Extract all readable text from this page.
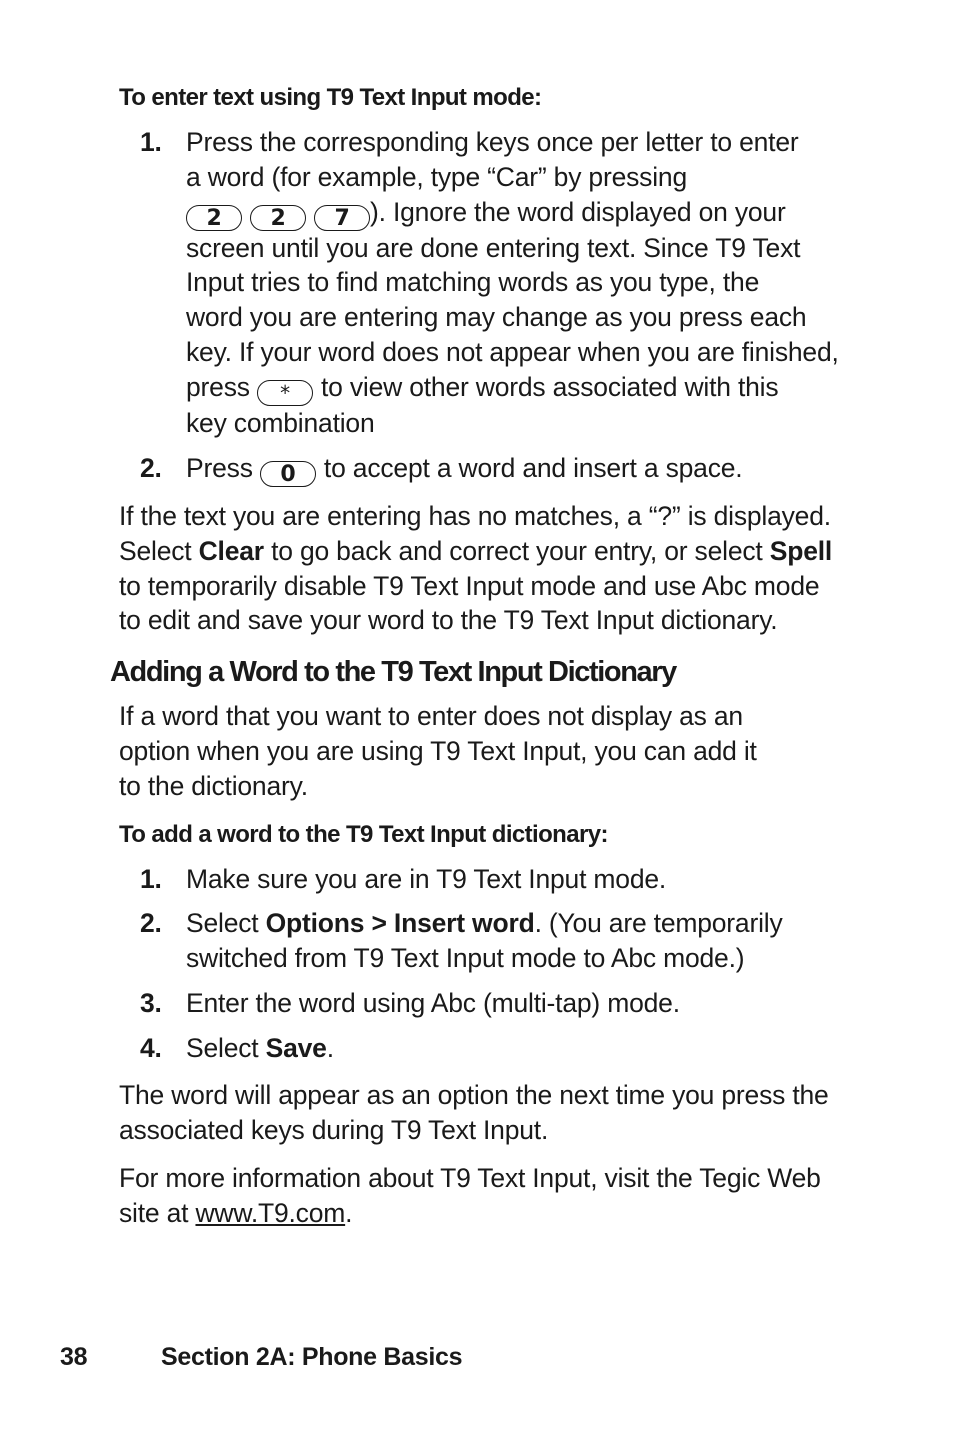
To enter text using T9 Text Input mode:
1. Press the corresponding keys once per letter to enter
a word (for example, type “Car” by pressing
2 2 7 ). Ignore the word displayed on your
screen until you are done entering text. Since T9 Text
Input tries to find matching words as you type, the
word you are entering may change as you press each
key. If your word does not appear when you are finished,
press * to view other words associated with this
key combination
2. Press 0 to accept a word and insert a space.
If the text you are entering has no matches, a “?” is displayed.
Select Clear to go back and correct your entry, or select Spell
to temporarily disable T9 Text Input mode and use Abc mode
to edit and save your word to the T9 Text Input dictionary.
Adding a Word to the T9 Text Input Dictionary
If a word that you want to enter does not display as an
option when you are using T9 Text Input, you can add it
to the dictionary.
To add a word to the T9 Text Input dictionary:
1. Make sure you are in T9 Text Input mode.
2. Select Options > Insert word. (You are temporarily
switched from T9 Text Input mode to Abc mode.)
3. Enter the word using Abc (multi-tap) mode.
4. Select Save.
The word will appear as an option the next time you press the
associated keys during T9 Text Input.
For more information about T9 Text Input, visit the Tegic Web
site at www.T9.com.
38	Section 2A: Phone Basics
